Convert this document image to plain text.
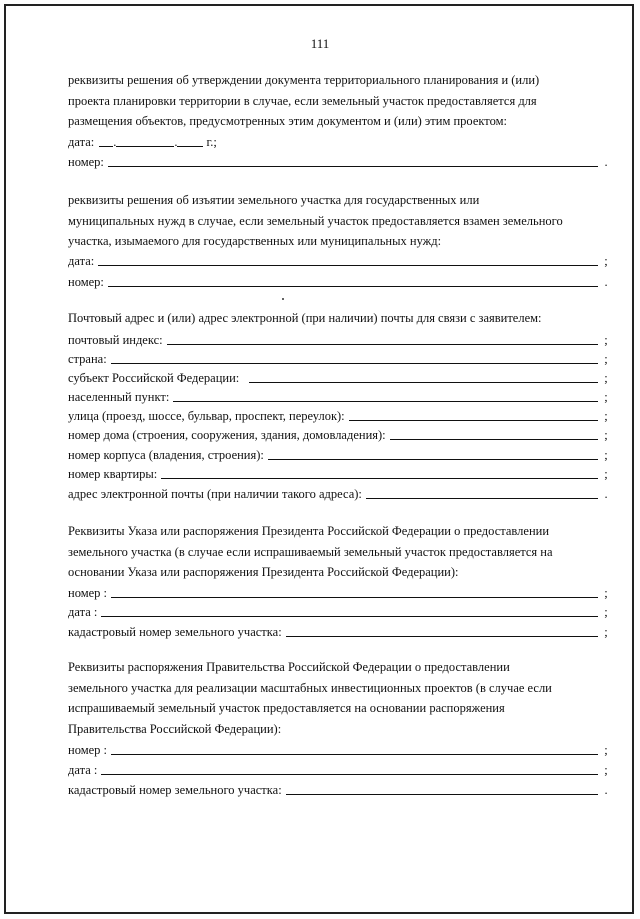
111
реквизиты решения об утверждении документа территориального планирования и (или)
проекта планировки территории в случае, если земельный участок предоставляется для
размещения объектов, предусмотренных этим документом и (или) этим проектом:
дата: .	. г.;
номер:	.
реквизиты решения об изъятии земельного участка для государственных или
муниципальных нужд в случае, если земельный участок предоставляется взамен земельного
участка, изымаемого для государственных или муниципальных нужд:
дата:	;
номер:	.
Почтовый адрес и (или) адрес электронной (при наличии) почты для связи с заявителем:
почтовый индекс:	;
страна:	;
субъект Российской Федерации:	;
населенный пункт:	;
улица (проезд, шоссе, бульвар, проспект, переулок):	;
номер дома (строения, сооружения, здания, домовладения):	;
номер корпуса (владения, строения):	;
номер квартиры:	;
адрес электронной почты (при наличии такого адреса):	.
Реквизиты Указа или распоряжения Президента Российской Федерации о предоставлении
земельного участка (в случае если испрашиваемый земельный участок предоставляется на
основании Указа или распоряжения Президента Российской Федерации):
номер :	;
дата :	;
кадастровый номер земельного участка:	;
Реквизиты распоряжения Правительства Российской Федерации о предоставлении
земельного участка для реализации масштабных инвестиционных проектов (в случае если
испрашиваемый земельный участок предоставляется на основании распоряжения
Правительства Российской Федерации):
номер :	;
дата :	;
кадастровый номер земельного участка:	.
